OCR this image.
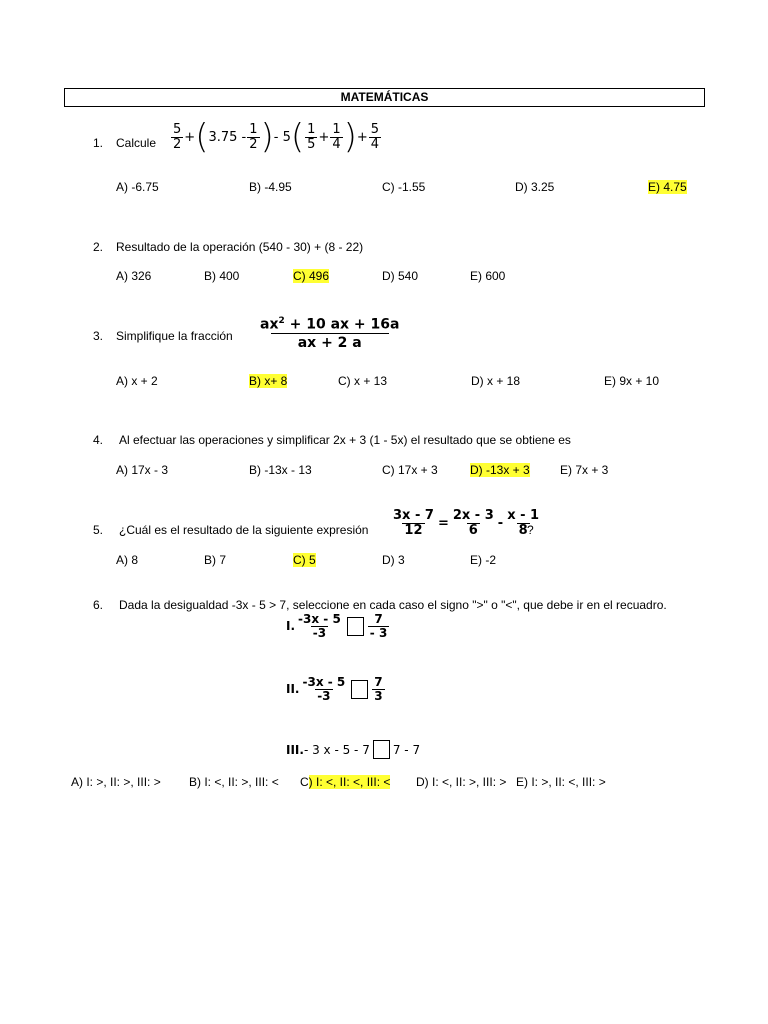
MATEMÁTICAS
1. Calcule $\frac{5}{2}$ + ( $3.75 - \frac{1}{2}$ ) - 5 ( $\frac{1}{5} + \frac{1}{4}$ ) + $\frac{5}{4}$
A) -6.75	B) -4.95	C) -1.55	D) 3.25	E) 4.75
2. Resultado de la operación (540 - 30) + (8 - 22)
A) 326	B) 400	C) 496	D) 540	E) 600
3. Simplifique la fracción $\frac{ax^2 + 10 ax + 16a}{ax + 2 a}$
A) x + 2	B) x+ 8	C) x + 13	D) x + 18	E) 9x + 10
4. Al efectuar las operaciones y simplificar 2x + 3 (1 - 5x) el resultado que se obtiene es
A) 17x - 3	B) -13x - 13	C) 17x + 3	D) -13x + 3	E) 7x + 3
5. ¿Cuál es el resultado de la siguiente expresión $\frac{3x - 7}{12} = \frac{2x - 3}{6} - \frac{x - 1}{8}$
?
A) 8	B) 7	C) 5	D) 3	E) -2
6. Dada la desigualdad -3x - 5 > 7, seleccione en cada caso el signo ">" o "<", que debe ir en el recuadro.
I. $\frac{-3x - 5}{-3} \frac{7}{- 3}$
II. $\frac{-3x - 5}{-3} \frac{7}{3}$
III. - 3 x - 5 - 7 7 - 7
A) I: >, II: >, III: > B) I: <, II: >, III: < C) I: <, II: <, III: < D) I: <, II: >, III: > E) I: >, II: <, III: >
